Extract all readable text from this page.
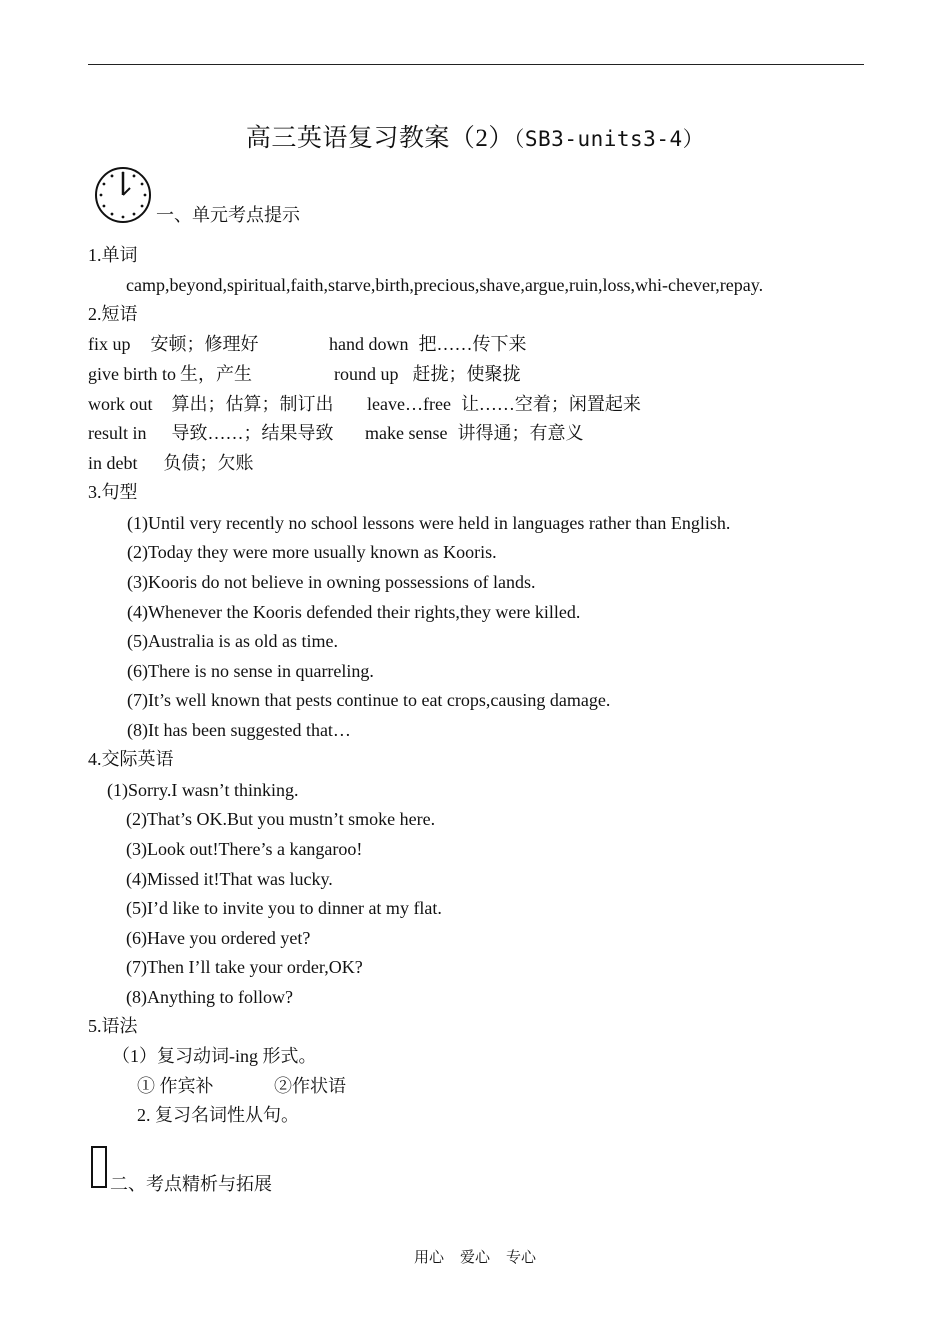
高三英语复习教案（2）（SB3-units3-4）
一、单元考点提示
1.单词
camp,beyond,spiritual,faith,starve,birth,precious,shave,argue,ruin,loss,whi-chever,repay.
2.短语
fix up 安顿；修理好	hand down 把……传下来
give birth to 生，产生	round up 赶拢；使聚拢
work out 算出；估算；制订出 leave…free 让……空着；闲置起来
result in 导致……；结果导致 make sense 讲得通；有意义
in debt 负债；欠账
3.句型
(1)Until very recently no school lessons were held in languages rather than English.
(2)Today they were more usually known as Kooris.
(3)Kooris do not believe in owning possessions of lands.
(4)Whenever the Kooris defended their rights,they were killed.
(5)Australia is as old as time.
(6)There is no sense in quarreling.
(7)It’s well known that pests continue to eat crops,causing damage.
(8)It has been suggested that…
4.交际英语
(1)Sorry.I wasn’t thinking.
(2)That’s OK.But you mustn’t smoke here.
(3)Look out!There’s a kangaroo!
(4)Missed it!That was lucky.
(5)I’d like to invite you to dinner at my flat.
(6)Have you ordered yet?
(7)Then I’ll take your order,OK?
(8)Anything to follow?
5.语法
（1）复习动词-ing 形式。
① 作宾补	②作状语
2. 复习名词性从句。
二、考点精析与拓展
用心 爱心 专心
